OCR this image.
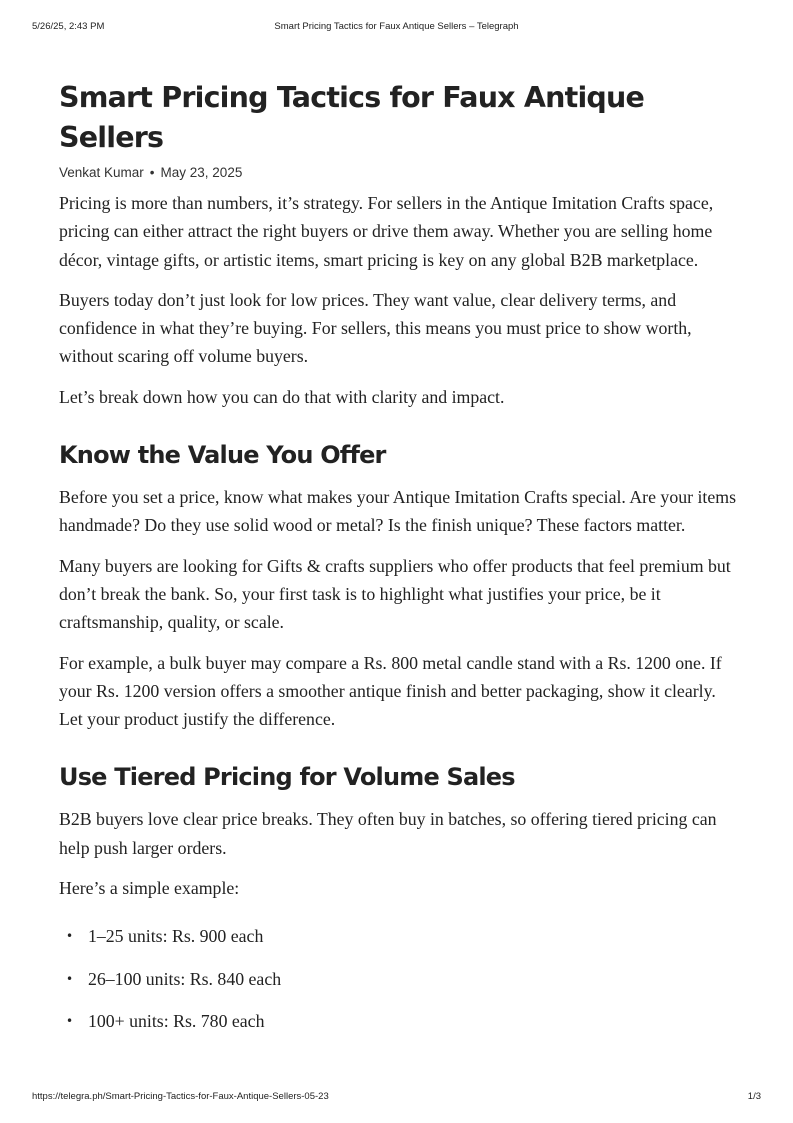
5/26/25, 2:43 PM	Smart Pricing Tactics for Faux Antique Sellers – Telegraph
Smart Pricing Tactics for Faux Antique Sellers
Venkat Kumar • May 23, 2025

Pricing is more than numbers, it’s strategy. For sellers in the Antique Imitation Crafts space, pricing can either attract the right buyers or drive them away. Whether you are selling home décor, vintage gifts, or artistic items, smart pricing is key on any global B2B marketplace.

Buyers today don’t just look for low prices. They want value, clear delivery terms, and confidence in what they’re buying. For sellers, this means you must price to show worth, without scaring off volume buyers.

Let’s break down how you can do that with clarity and impact.

Know the Value You Offer

Before you set a price, know what makes your Antique Imitation Crafts special. Are your items handmade? Do they use solid wood or metal? Is the finish unique? These factors matter.

Many buyers are looking for Gifts & crafts suppliers who offer products that feel premium but don’t break the bank. So, your first task is to highlight what justifies your price, be it craftsmanship, quality, or scale.

For example, a bulk buyer may compare a Rs. 800 metal candle stand with a Rs. 1200 one. If your Rs. 1200 version offers a smoother antique finish and better packaging, show it clearly. Let your product justify the difference.

Use Tiered Pricing for Volume Sales

B2B buyers love clear price breaks. They often buy in batches, so offering tiered pricing can help push larger orders.

Here’s a simple example:

• 1–25 units: Rs. 900 each
• 26–100 units: Rs. 840 each
• 100+ units: Rs. 780 each
https://telegra.ph/Smart-Pricing-Tactics-for-Faux-Antique-Sellers-05-23	1/3
